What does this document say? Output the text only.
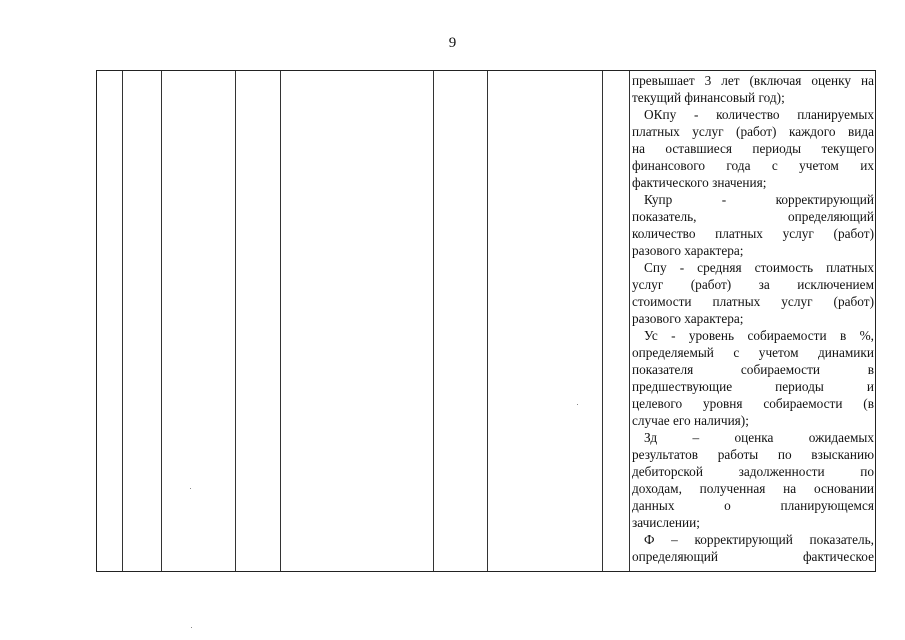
9
превышает 3 лет (включая оценку на
текущий финансовый год);
ОКпу - количество планируемых
платных услуг (работ) каждого вида
на оставшиеся периоды текущего
финансового года с учетом их
фактического значения;
Купр - корректирующий
показатель, определяющий
количество платных услуг (работ)
разового характера;
Спу - средняя стоимость платных
услуг (работ) за исключением
стоимости платных услуг (работ)
разового характера;
Ус - уровень собираемости в %,
определяемый с учетом динамики
показателя собираемости в
предшествующие периоды и
целевого уровня собираемости (в
случае его наличия);
Зд – оценка ожидаемых
результатов работы по взысканию
дебиторской задолженности по
доходам, полученная на основании
данных о планирующемся
зачислении;
Ф – корректирующий показатель,
определяющий фактическое
